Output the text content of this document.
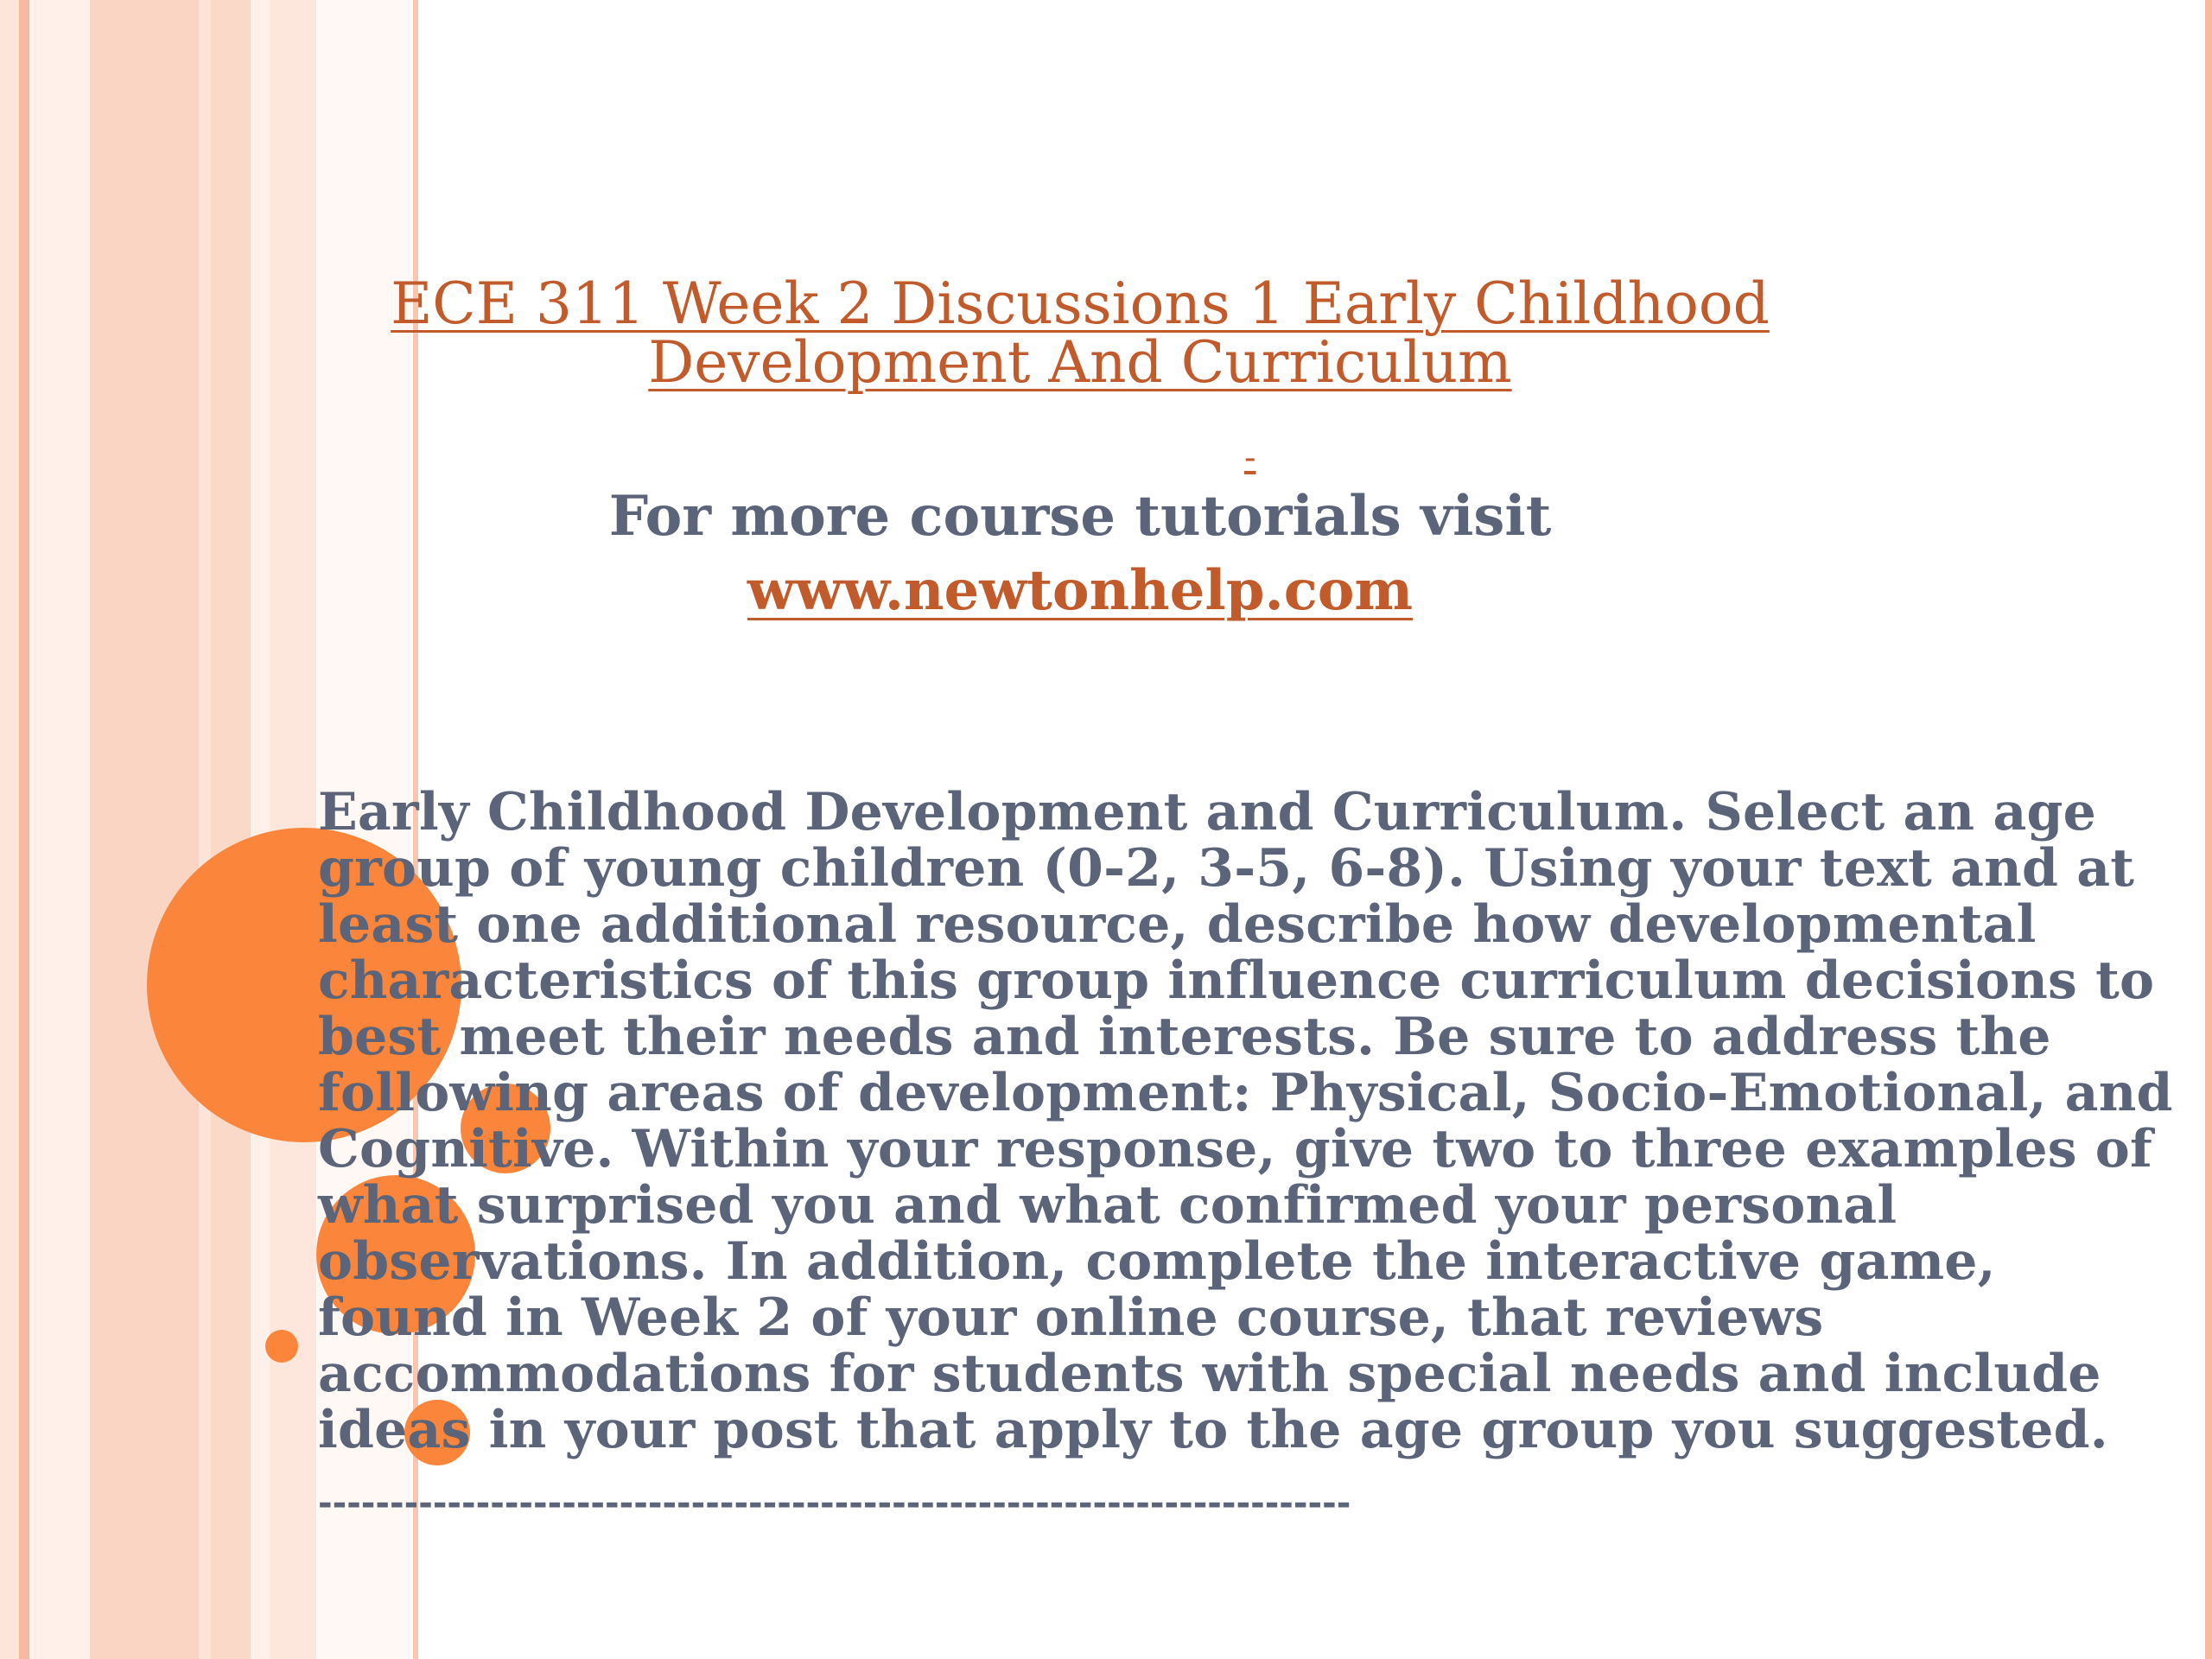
ECE 311 Week 2 Discussions 1 Early Childhood Development And Curriculum
-
For more course tutorials visit
www.newtonhelp.com
Early Childhood Development and Curriculum. Select an age group of young children (0-2, 3-5, 6-8). Using your text and at least one additional resource, describe how developmental characteristics of this group influence curriculum decisions to best meet their needs and interests. Be sure to address the following areas of development: Physical, Socio-Emotional, and Cognitive. Within your response, give two to three examples of what surprised you and what confirmed your personal observations. In addition, complete the interactive game, found in Week 2 of your online course, that reviews accommodations for students with special needs and include ideas in your post that apply to the age group you suggested.
------------------------------------------------------------------------
